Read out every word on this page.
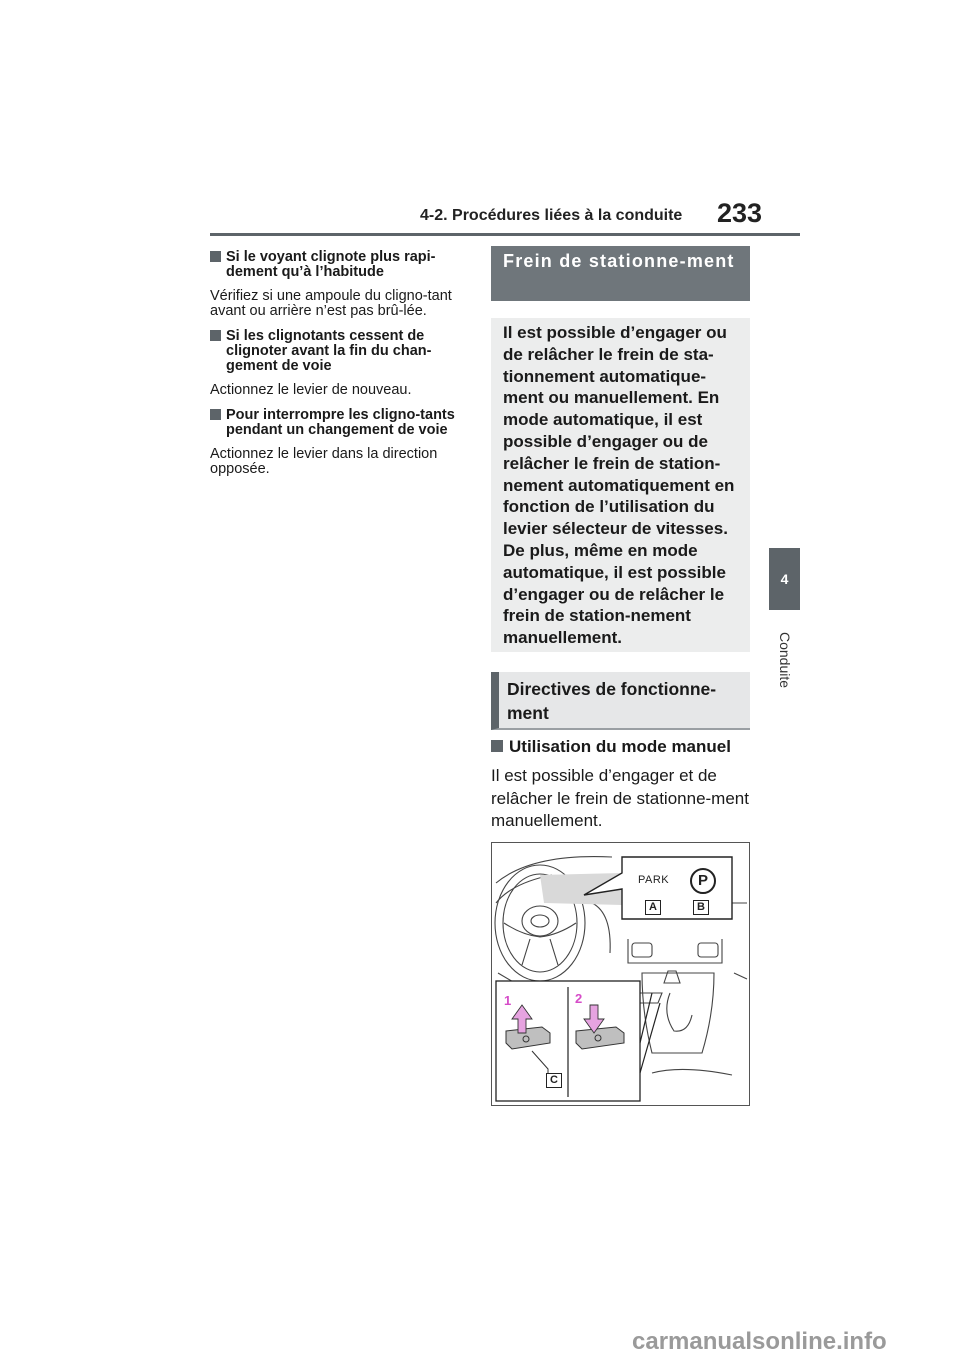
4-2. Procédures liées à la conduite 233
4
Conduite
Si le voyant clignote plus rapi-dement qu’à l’habitude
Vérifiez si une ampoule du cligno-tant avant ou arrière n’est pas brû-lée.
Si les clignotants cessent de clignoter avant la fin du chan-gement de voie
Actionnez le levier de nouveau.
Pour interrompre les cligno-tants pendant un changement de voie
Actionnez le levier dans la direction opposée.
Frein de stationne-ment
Il est possible d’engager ou de relâcher le frein de sta-tionnement automatique-ment ou manuellement. En mode automatique, il est possible d’engager ou de relâcher le frein de station-nement automatiquement en fonction de l’utilisation du levier sélecteur de vitesses. De plus, même en mode automatique, il est possible d’engager ou de relâcher le frein de station-nement manuellement.
Directives de fonctionne-ment
Utilisation du mode manuel
Il est possible d’engager et de relâcher le frein de stationne-ment manuellement.
PARK	P
A	B
C
1	2
carmanualsonline.info
